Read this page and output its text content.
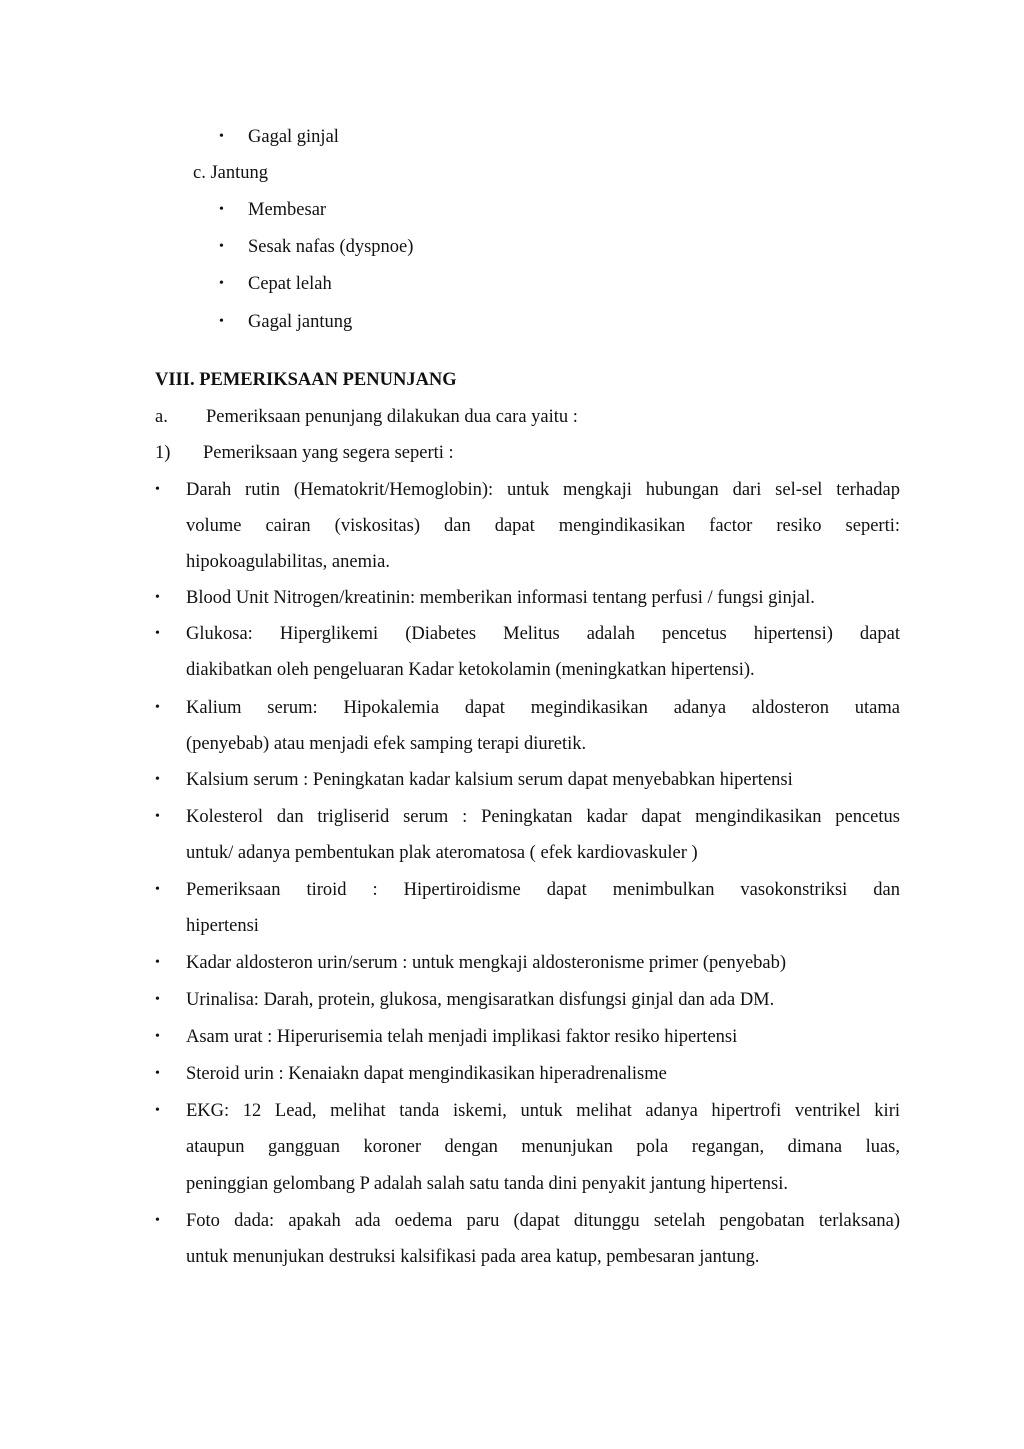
• Gagal ginjal
c. Jantung
• Membesar
• Sesak nafas (dyspnoe)
• Cepat lelah
• Gagal jantung
VIII. PEMERIKSAAN PENUNJANG
a. Pemeriksaan penunjang dilakukan dua cara yaitu :
1) Pemeriksaan yang segera seperti :
• Darah rutin (Hematokrit/Hemoglobin): untuk mengkaji hubungan dari sel-sel terhadap
volume cairan (viskositas) dan dapat mengindikasikan factor resiko seperti:
hipokoagulabilitas, anemia.
• Blood Unit Nitrogen/kreatinin: memberikan informasi tentang perfusi / fungsi ginjal.
• Glukosa: Hiperglikemi (Diabetes Melitus adalah pencetus hipertensi) dapat
diakibatkan oleh pengeluaran Kadar ketokolamin (meningkatkan hipertensi).
• Kalium serum: Hipokalemia dapat megindikasikan adanya aldosteron utama
(penyebab) atau menjadi efek samping terapi diuretik.
• Kalsium serum : Peningkatan kadar kalsium serum dapat menyebabkan hipertensi
• Kolesterol dan trigliserid serum : Peningkatan kadar dapat mengindikasikan pencetus
untuk/ adanya pembentukan plak ateromatosa ( efek kardiovaskuler )
• Pemeriksaan tiroid : Hipertiroidisme dapat menimbulkan vasokonstriksi dan
hipertensi
• Kadar aldosteron urin/serum : untuk mengkaji aldosteronisme primer (penyebab)
• Urinalisa: Darah, protein, glukosa, mengisaratkan disfungsi ginjal dan ada DM.
• Asam urat : Hiperurisemia telah menjadi implikasi faktor resiko hipertensi
• Steroid urin : Kenaiakn dapat mengindikasikan hiperadrenalisme
• EKG: 12 Lead, melihat tanda iskemi, untuk melihat adanya hipertrofi ventrikel kiri
ataupun gangguan koroner dengan menunjukan pola regangan, dimana luas,
peninggian gelombang P adalah salah satu tanda dini penyakit jantung hipertensi.
• Foto dada: apakah ada oedema paru (dapat ditunggu setelah pengobatan terlaksana)
untuk menunjukan destruksi kalsifikasi pada area katup, pembesaran jantung.
